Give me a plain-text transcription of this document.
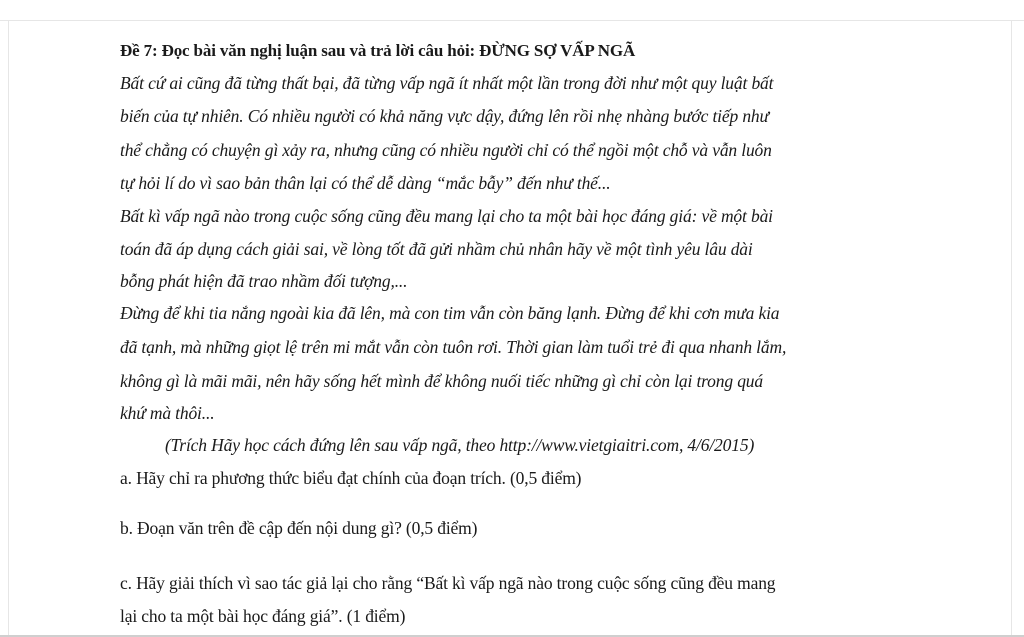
Đề 7: Đọc bài văn nghị luận sau và trả lời câu hỏi: ĐỪNG SỢ VẤP NGÃ
Bất cứ ai cũng đã từng thất bại, đã từng vấp ngã ít nhất một lần trong đời như một quy luật bất
biến của tự nhiên. Có nhiều người có khả năng vực dậy, đứng lên rồi nhẹ nhàng bước tiếp như
thể chẳng có chuyện gì xảy ra, nhưng cũng có nhiều người chỉ có thể ngồi một chỗ và vẫn luôn
tự hỏi lí do vì sao bản thân lại có thể dễ dàng “mắc bẫy” đến như thế...
Bất kì vấp ngã nào trong cuộc sống cũng đều mang lại cho ta một bài học đáng giá: về một bài
toán đã áp dụng cách giải sai, về lòng tốt đã gửi nhầm chủ nhân hãy về một tình yêu lâu dài
bỗng phát hiện đã trao nhầm đối tượng,...
Đừng để khi tia nắng ngoài kia đã lên, mà con tim vẫn còn băng lạnh. Đừng để khi cơn mưa kia
đã tạnh, mà những giọt lệ trên mi mắt vẫn còn tuôn rơi. Thời gian làm tuổi trẻ đi qua nhanh lắm,
không gì là mãi mãi, nên hãy sống hết mình để không nuối tiếc những gì chỉ còn lại trong quá
khứ mà thôi...
(Trích Hãy học cách đứng lên sau vấp ngã, theo http://www.vietgiaitri.com, 4/6/2015)
a. Hãy chỉ ra phương thức biểu đạt chính của đoạn trích. (0,5 điểm)
b. Đoạn văn trên đề cập đến nội dung gì? (0,5 điểm)
c. Hãy giải thích vì sao tác giả lại cho rằng “Bất kì vấp ngã nào trong cuộc sống cũng đều mang
lại cho ta một bài học đáng giá”. (1 điểm)
